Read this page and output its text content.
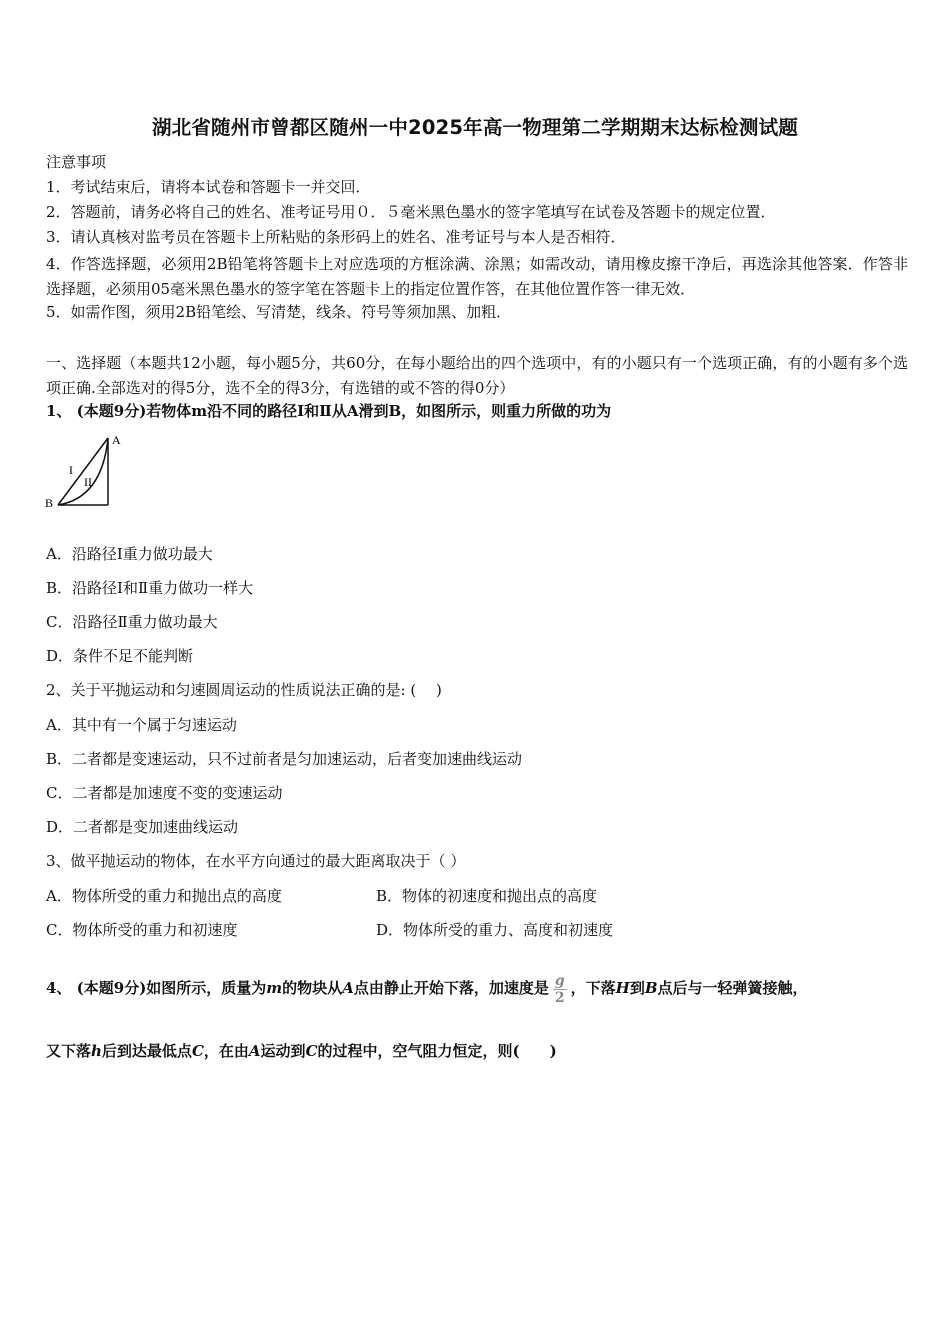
湖北省随州市曾都区随州一中2025年高一物理第二学期期末达标检测试题
注意事项
1．考试结束后，请将本试卷和答题卡一并交回．
2．答题前，请务必将自己的姓名、准考证号用０．５毫米黑色墨水的签字笔填写在试卷及答题卡的规定位置．
3．请认真核对监考员在答题卡上所粘贴的条形码上的姓名、准考证号与本人是否相符．
4．作答选择题，必须用2B铅笔将答题卡上对应选项的方框涂满、涂黑；如需改动，请用橡皮擦干净后，再选涂其他答案．作答非选择题，必须用05毫米黑色墨水的签字笔在答题卡上的指定位置作答，在其他位置作答一律无效．
5．如需作图，须用2B铅笔绘、写清楚，线条、符号等须加黑、加粗．
一、选择题（本题共12小题，每小题5分，共60分，在每小题给出的四个选项中，有的小题只有一个选项正确，有的小题有多个选项正确.全部选对的得5分，选不全的得3分，有选错的或不答的得0分）
1、 (本题9分)若物体m沿不同的路径Ⅰ和Ⅱ从A滑到B，如图所示，则重力所做的功为
A
B
I
II
A．沿路径Ⅰ重力做功最大
B．沿路径Ⅰ和Ⅱ重力做功一样大
C．沿路径Ⅱ重力做功最大
D．条件不足不能判断
2、关于平抛运动和匀速圆周运动的性质说法正确的是: (　 )
A．其中有一个属于匀速运动
B．二者都是变速运动，只不过前者是匀加速运动，后者变加速曲线运动
C．二者都是加速度不变的变速运动
D．二者都是变加速曲线运动
3、做平抛运动的物体，在水平方向通过的最大距离取决于（ ）
A．物体所受的重力和抛出点的高度	B．物体的初速度和抛出点的高度
C．物体所受的重力和初速度	D．物体所受的重力、高度和初速度
4、 (本题9分)如图所示，质量为m的物块从A点由静止开始下落，加速度是 $\frac{g}{2}$ ，下落H到B点后与一轻弹簧接触，
又下落h后到达最低点C，在由A运动到C的过程中，空气阻力恒定，则(　　)
